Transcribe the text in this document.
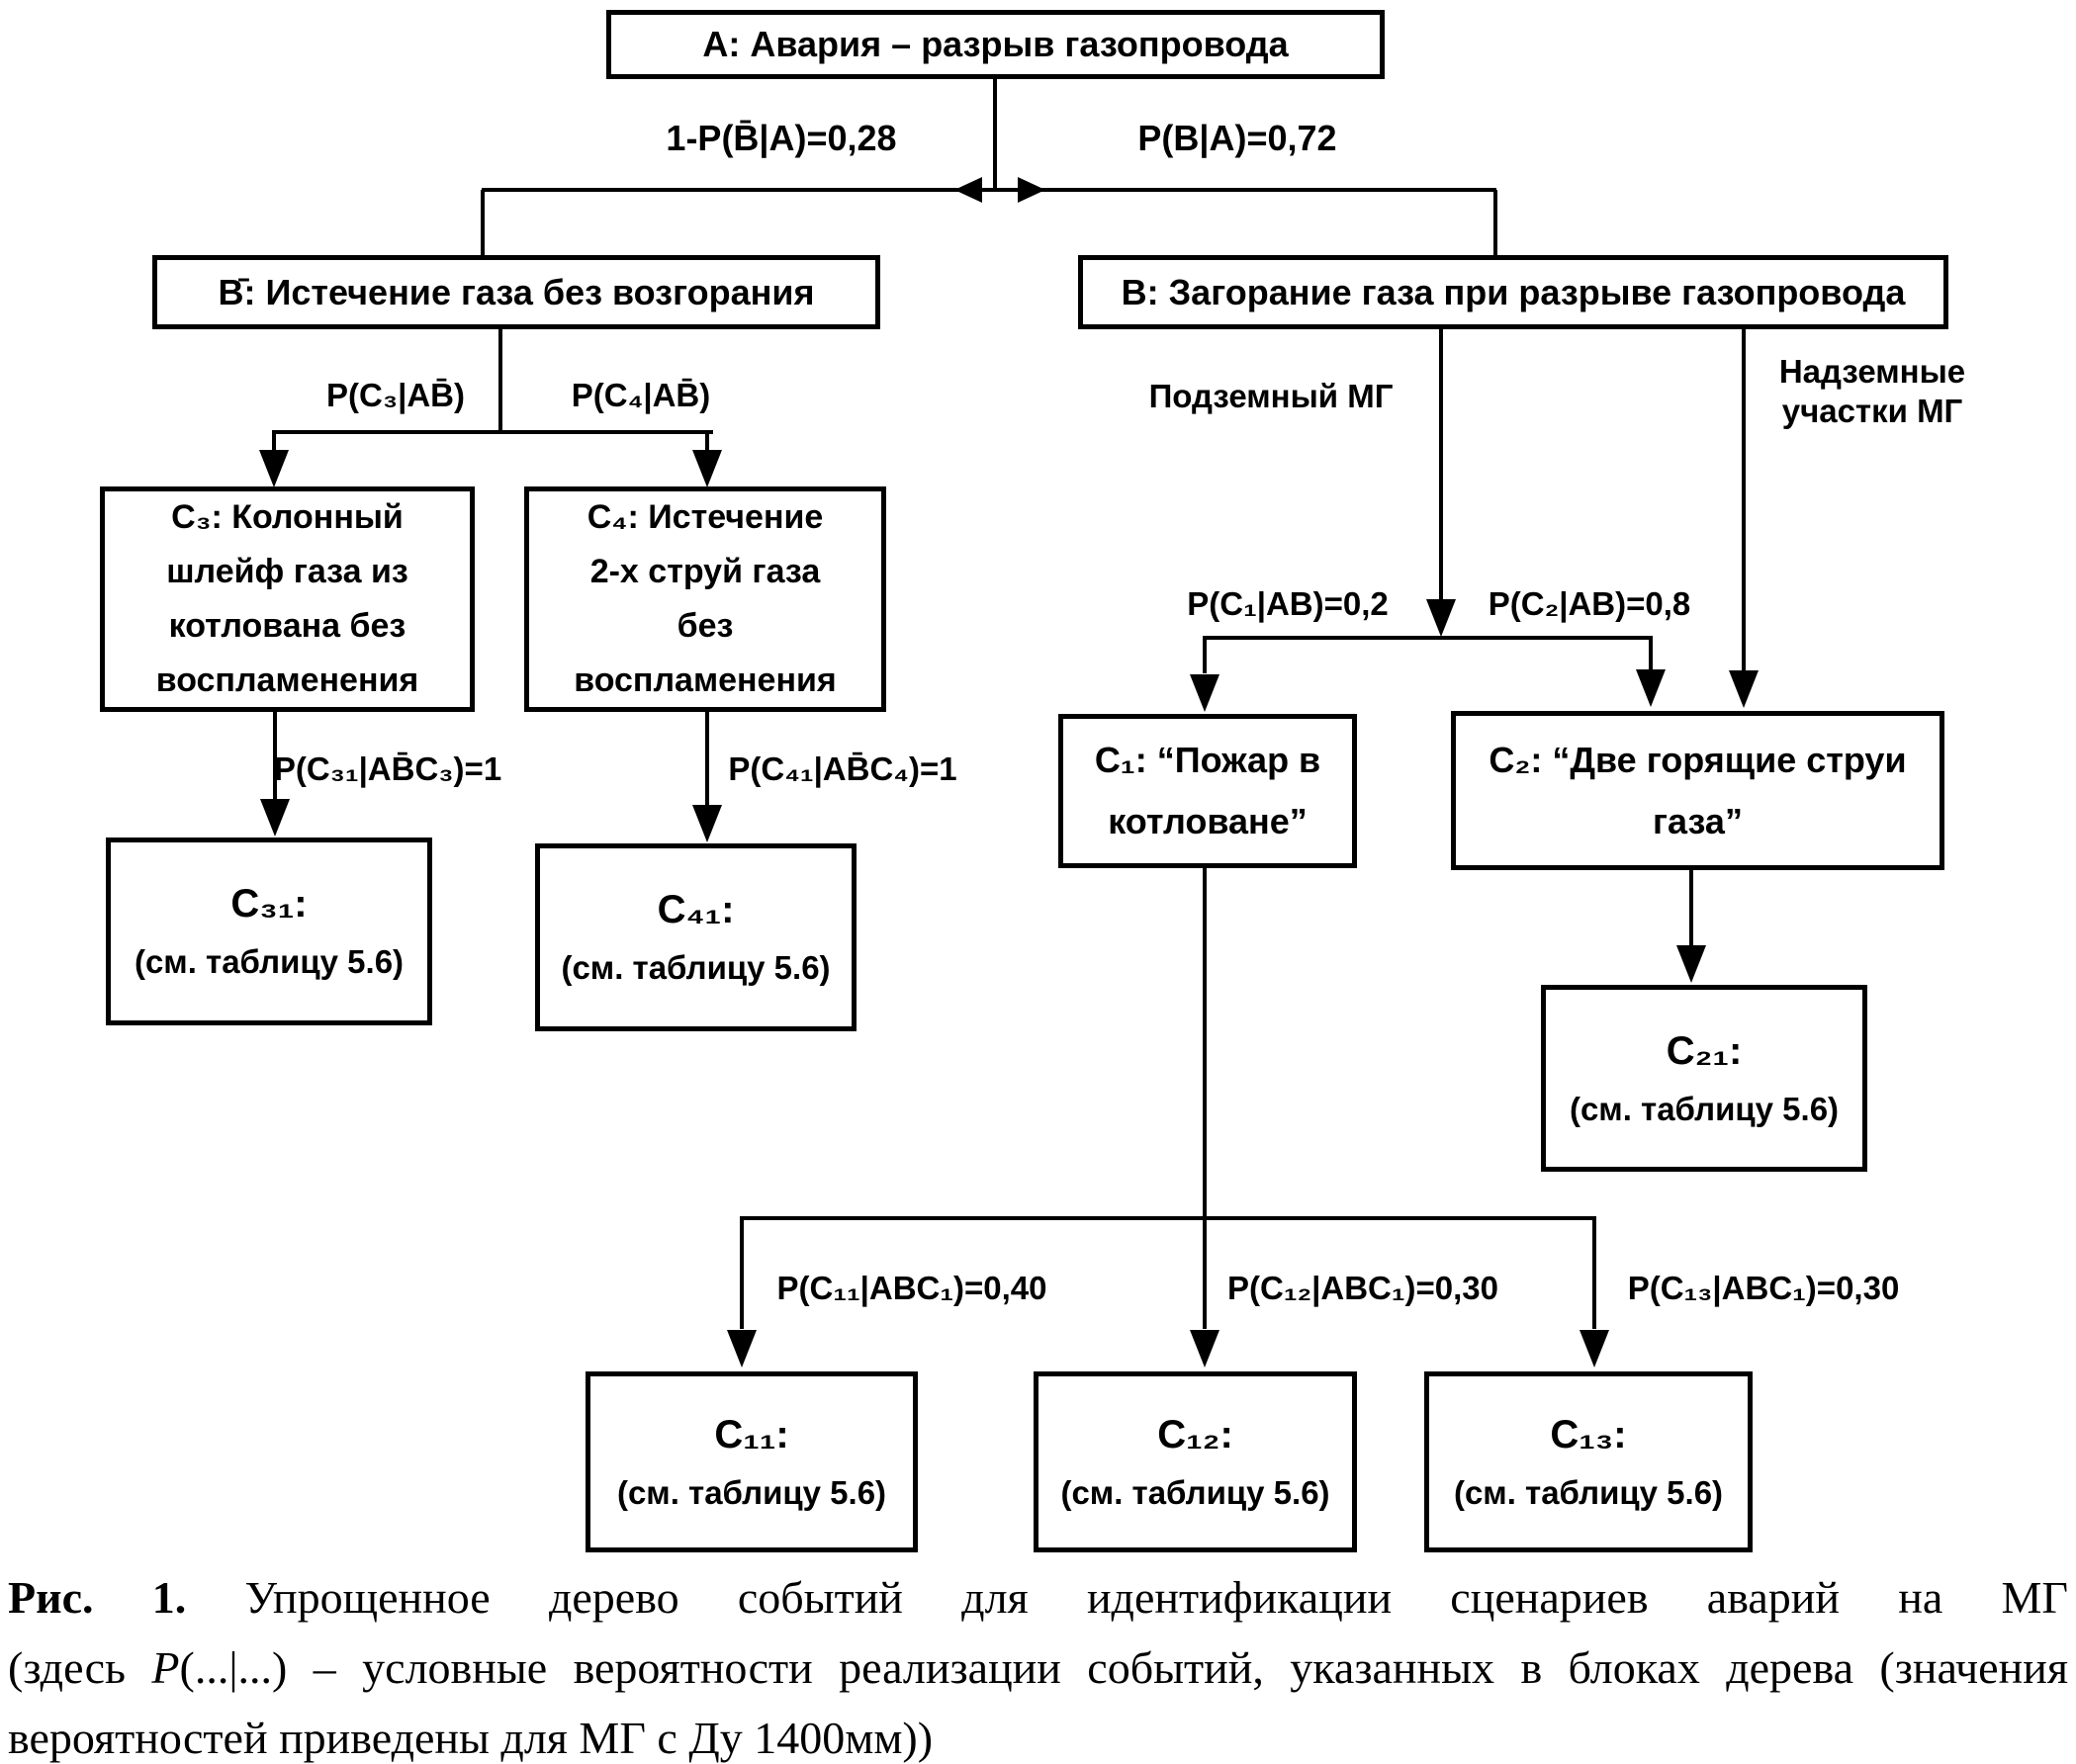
А: Авария – разрыв газопровода
В̄: Истечение газа без возгорания	В: Загорание газа при разрыве газопровода
С₃: Колонный
шлейф газа из
котлована без
воспламенения
С₄: Истечение
2-х струй газа
без
воспламенения
С₃₁:
(см. таблицу 5.6)
С₄₁:
(см. таблицу 5.6)
С₁: “Пожар в
котловане”
С₂: “Две горящие струи
газа”
С₂₁:
(см. таблицу 5.6)
С₁₁:
(см. таблицу 5.6)
С₁₂:
(см. таблицу 5.6)
С₁₃:
(см. таблицу 5.6)
1-P(B̄|A)=0,28	P(B|A)=0,72
P(C₃|AB̄)	P(C₄|AB̄)
P(C₃₁|AB̄C₃)=1	P(C₄₁|AB̄C₄)=1
Подземный МГ
Надземные
участки МГ
P(C₁|AB)=0,2	P(C₂|AB)=0,8
P(C₁₁|ABC₁)=0,40	P(C₁₂|ABC₁)=0,30	P(C₁₃|ABC₁)=0,30
Рис. 1. Упрощенное дерево событий для идентификации сценариев аварий на МГ
(здесь P(...|...) – условные вероятности реализации событий, указанных в блоках дерева (значения
вероятностей приведены для МГ с Ду 1400мм))
